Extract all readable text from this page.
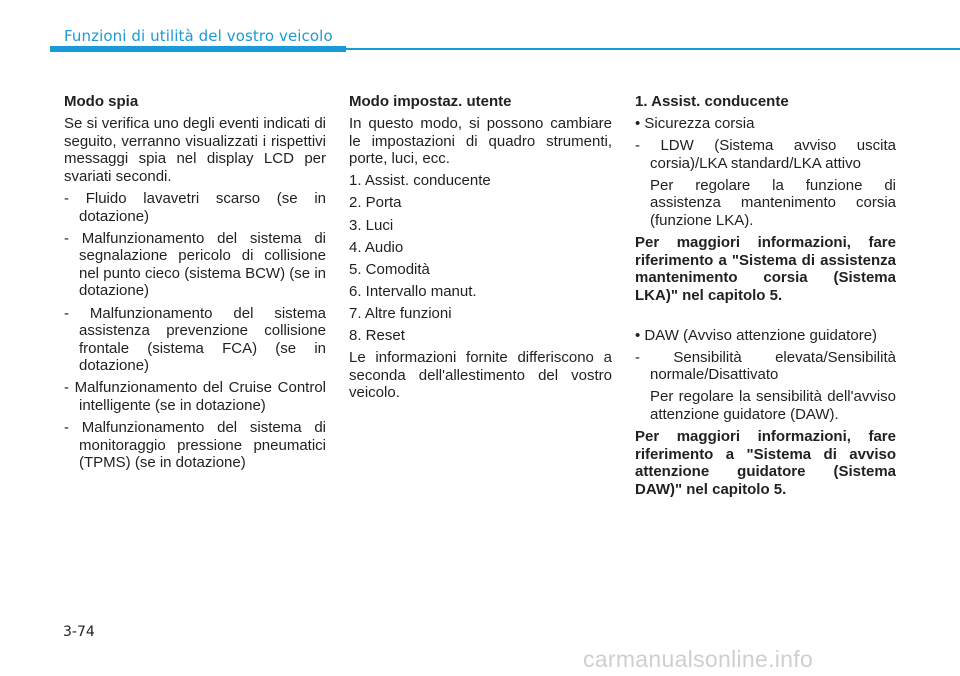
Funzioni di utilità del vostro veicolo

Modo spia

Se si verifica uno degli eventi indicati di seguito, verranno visualizzati i rispettivi messaggi spia nel display LCD per svariati secondi.

- Fluido lavavetri scarso (se in dotazione)

- Malfunzionamento del sistema di segnalazione pericolo di collisione nel punto cieco (sistema BCW) (se in dotazione)

- Malfunzionamento del sistema assistenza prevenzione collisione frontale (sistema FCA) (se in dotazione)

- Malfunzionamento del Cruise Control intelligente (se in dotazione)

- Malfunzionamento del sistema di monitoraggio pressione pneumatici (TPMS) (se in dotazione)

Modo impostaz. utente

In questo modo, si possono cambiare le impostazioni di quadro strumenti, porte, luci, ecc.

1. Assist. conducente

2. Porta

3. Luci

4. Audio

5. Comodità

6. Intervallo manut.

7. Altre funzioni

8. Reset

Le informazioni fornite differiscono a seconda dell'allestimento del vostro veicolo.

1. Assist. conducente

• Sicurezza corsia

- LDW (Sistema avviso uscita corsia)/LKA standard/LKA attivo

Per regolare la funzione di assistenza mantenimento corsia (funzione LKA).

Per maggiori informazioni, fare riferimento a "Sistema di assistenza mantenimento corsia (Sistema LKA)" nel capitolo 5.

• DAW (Avviso attenzione guidatore)

- Sensibilità elevata/Sensibilità normale/Disattivato

Per regolare la sensibilità dell'avviso attenzione guidatore (DAW).

Per maggiori informazioni, fare riferimento a "Sistema di avviso attenzione guidatore (Sistema DAW)" nel capitolo 5.

3-74
carmanualsonline.info
